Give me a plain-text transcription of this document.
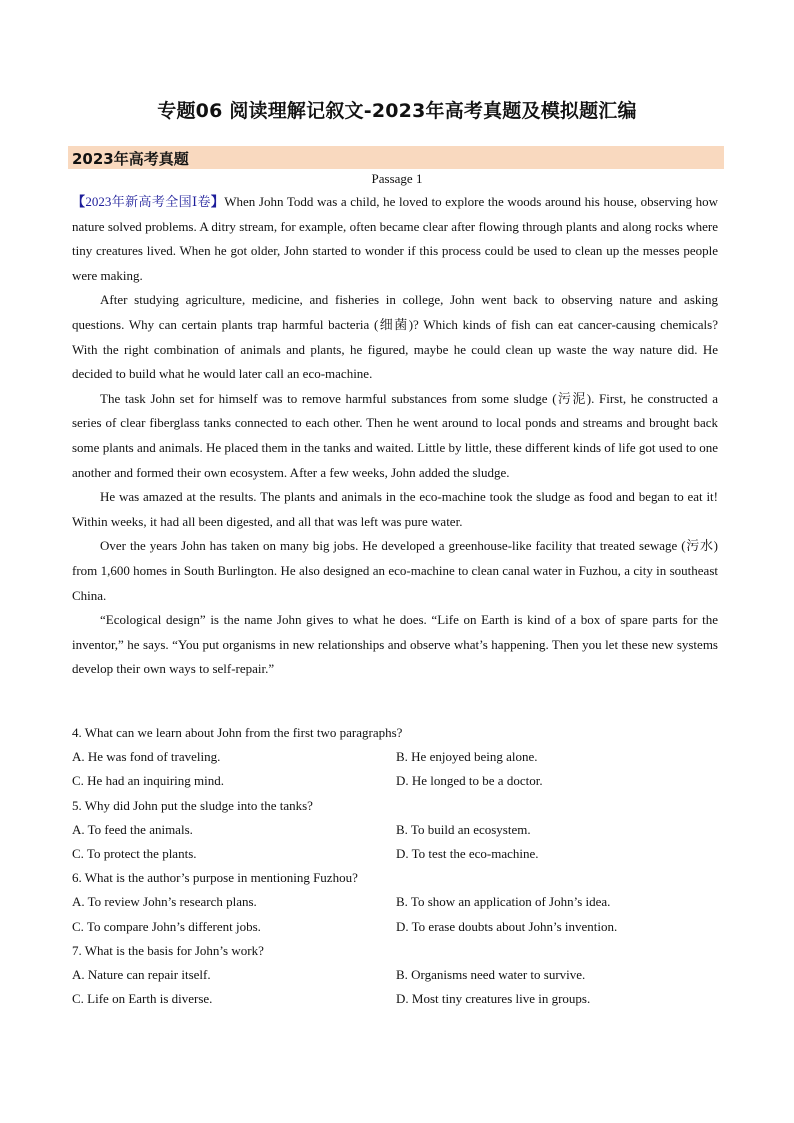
专题06 阅读理解记叙文-2023年高考真题及模拟题汇编
2023年高考真题
Passage 1

【2023年新高考全国Ⅰ卷】When John Todd was a child, he loved to explore the woods around his house, observing how nature solved problems. A ditry stream, for example, often became clear after flowing through plants and along rocks where tiny creatures lived. When he got older, John started to wonder if this process could be used to clean up the messes people were making.

After studying agriculture, medicine, and fisheries in college, John went back to observing nature and asking questions. Why can certain plants trap harmful bacteria (细菌)? Which kinds of fish can eat cancer-causing chemicals? With the right combination of animals and plants, he figured, maybe he could clean up waste the way nature did. He decided to build what he would later call an eco-machine.

The task John set for himself was to remove harmful substances from some sludge (污泥). First, he constructed a series of clear fiberglass tanks connected to each other. Then he went around to local ponds and streams and brought back some plants and animals. He placed them in the tanks and waited. Little by little, these different kinds of life got used to one another and formed their own ecosystem. After a few weeks, John added the sludge.

He was amazed at the results. The plants and animals in the eco-machine took the sludge as food and began to eat it! Within weeks, it had all been digested, and all that was left was pure water.

Over the years John has taken on many big jobs. He developed a greenhouse-like facility that treated sewage (污水) from 1,600 homes in South Burlington. He also designed an eco-machine to clean canal water in Fuzhou, a city in southeast China.

“Ecological design” is the name John gives to what he does. “Life on Earth is kind of a box of spare parts for the inventor,” he says. “You put organisms in new relationships and observe what’s happening. Then you let these new systems develop their own ways to self-repair.”

4. What can we learn about John from the first two paragraphs?

A. He was fond of traveling.	B. He enjoyed being alone.

C. He had an inquiring mind.	D. He longed to be a doctor.

5. Why did John put the sludge into the tanks?

A. To feed the animals.	B. To build an ecosystem.

C. To protect the plants.	D. To test the eco-machine.

6. What is the author’s purpose in mentioning Fuzhou?

A. To review John’s research plans.	B. To show an application of John’s idea.

C. To compare John’s different jobs.	D. To erase doubts about John’s invention.

7. What is the basis for John’s work?

A. Nature can repair itself.	B. Organisms need water to survive.

C. Life on Earth is diverse.	D. Most tiny creatures live in groups.
